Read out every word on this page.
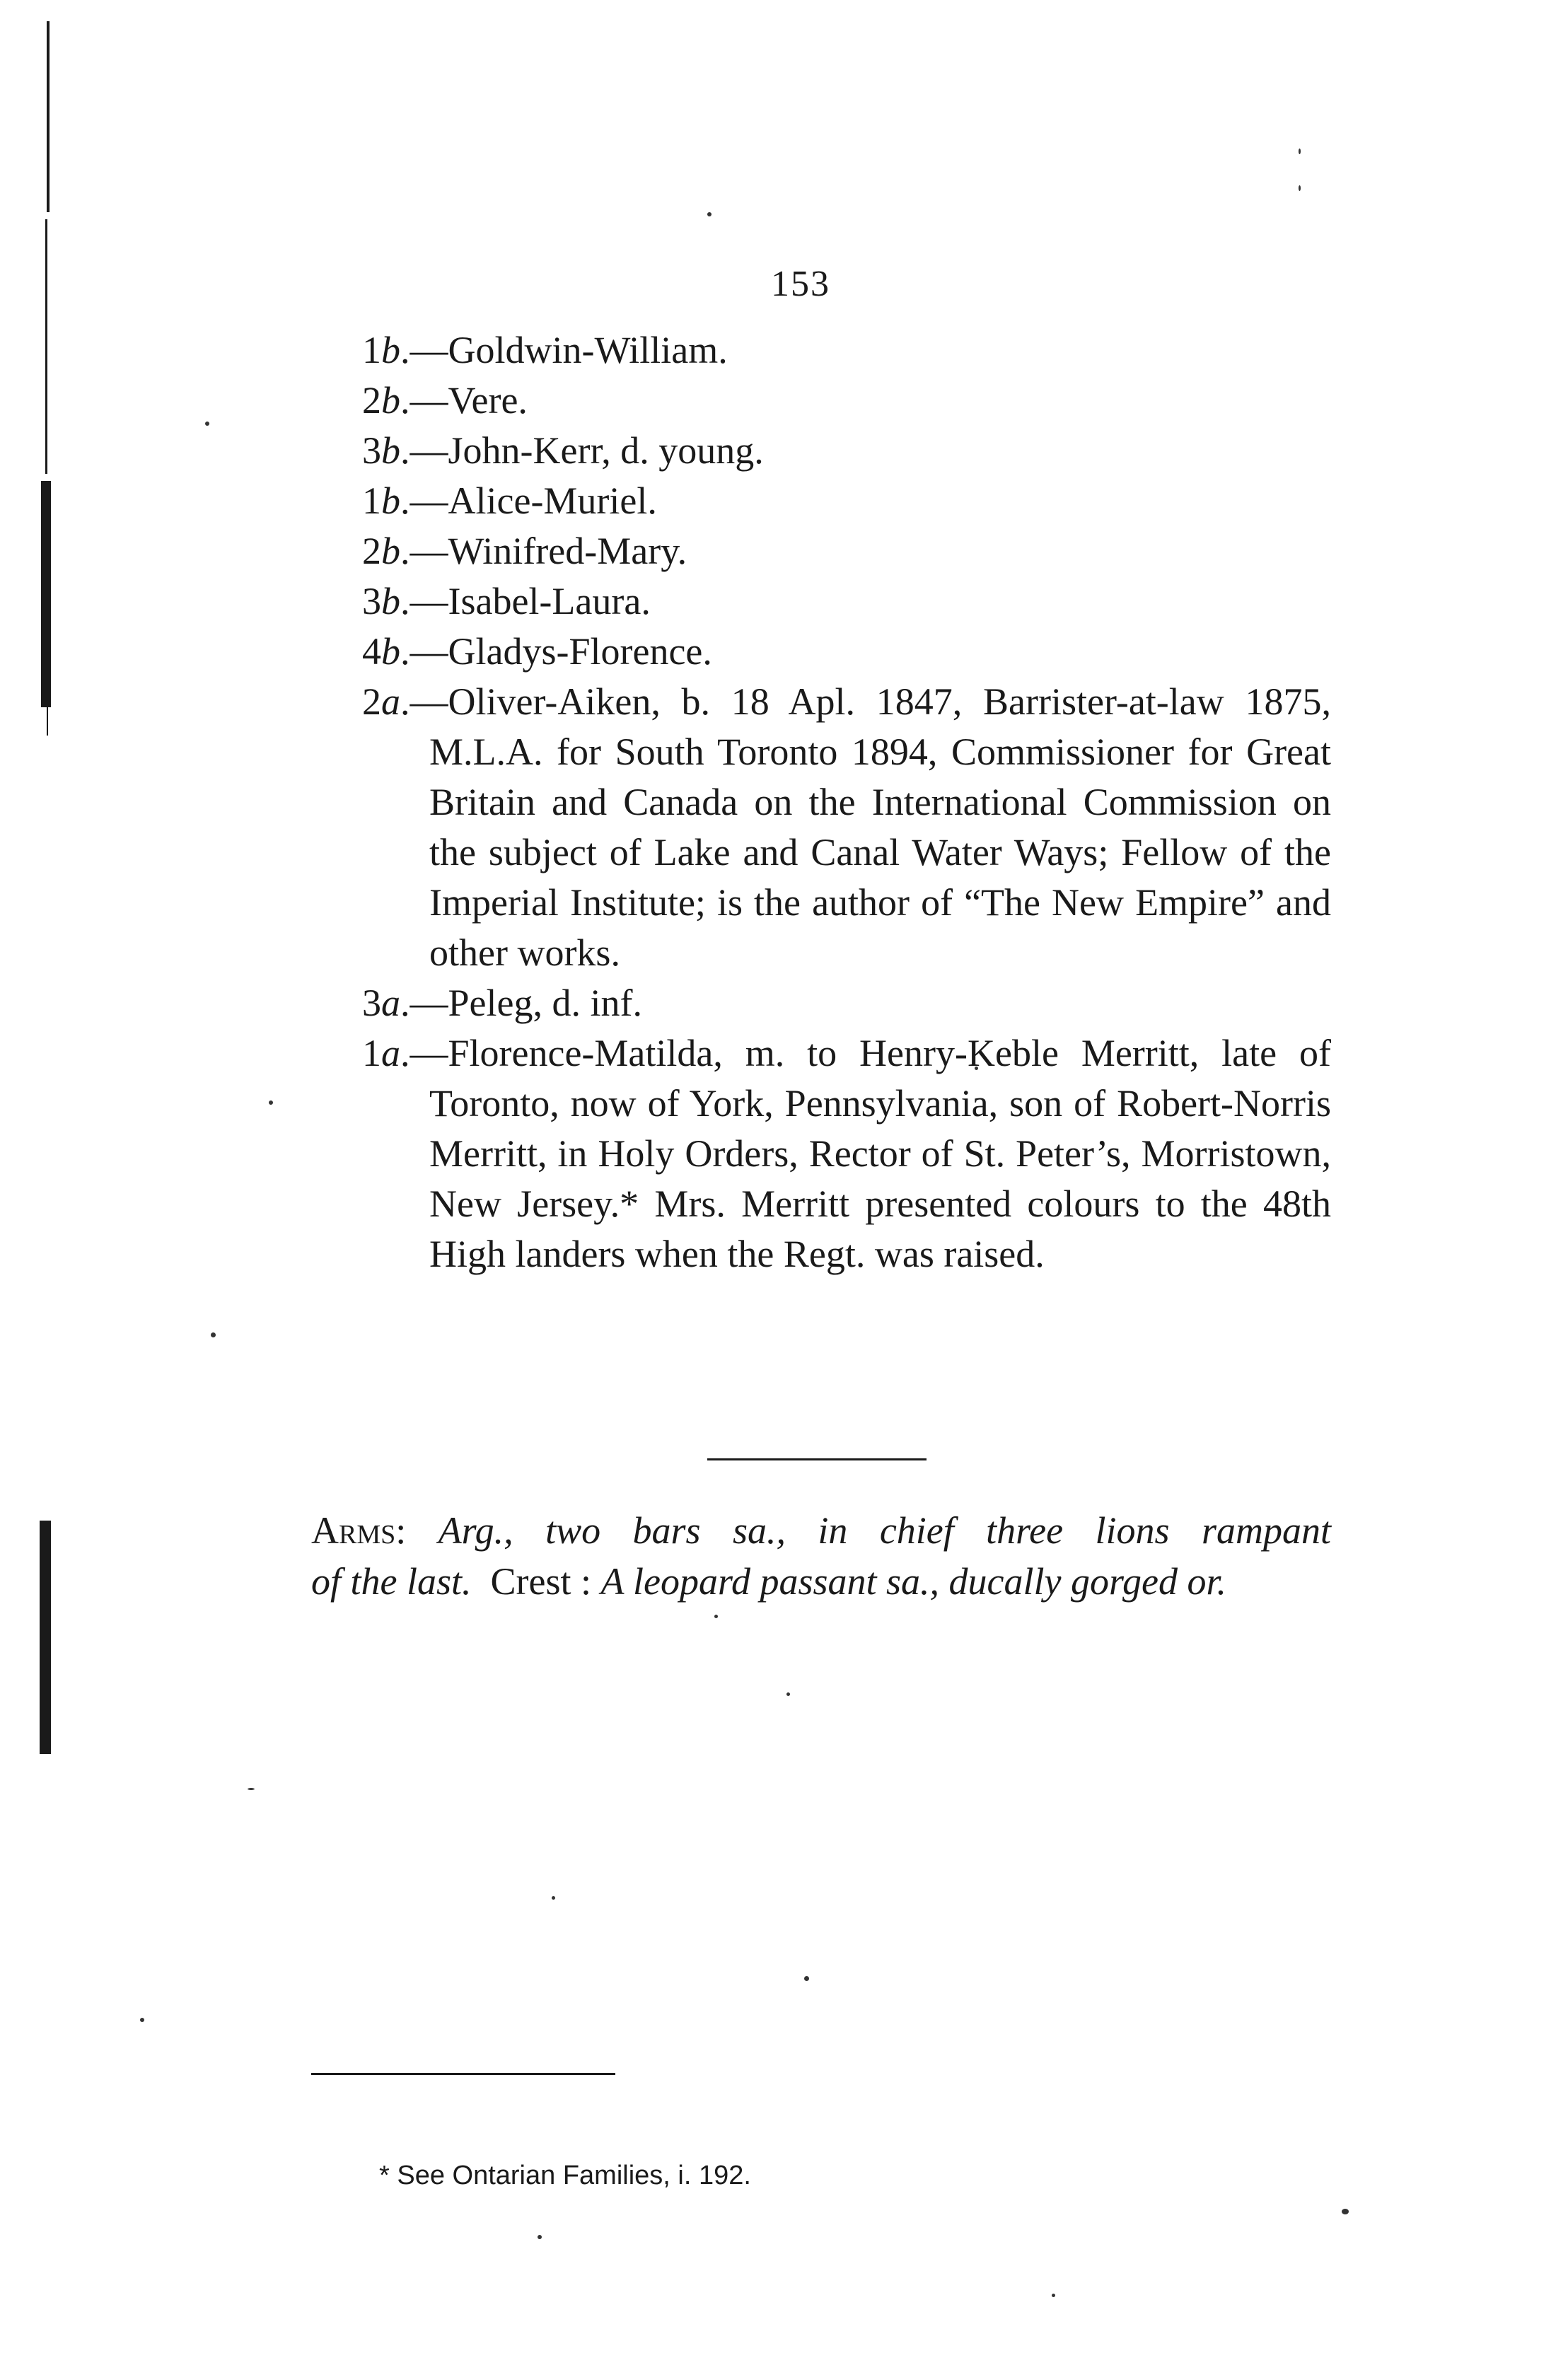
153
1b.—Goldwin-William.
2b.—Vere.
3b.—John-Kerr, d. young.
1b.—Alice-Muriel.
2b.—Winifred-Mary.
3b.—Isabel-Laura.
4b.—Gladys-Florence.
2a.—Oliver-Aiken, b. 18 Apl. 1847, Barrister-at-law 1875, M.L.A. for South Toronto 1894, Commissioner for Great Britain and Canada on the International Commission on the subject of Lake and Canal Water Ways; Fellow of the Imperial Institute; is the author of “The New Empire” and other works.
3a.—Peleg, d. inf.
1a.—Florence-Matilda, m. to Henry-Keble Merritt, late of Toronto, now of York, Pennsylvania, son of Robert-Norris Merritt, in Holy Orders, Rector of St. Peter’s, Morristown, New Jersey.* Mrs. Merritt presented colours to the 48th High landers when the Regt. was raised.
Arms: Arg., two bars sa., in chief three lions rampant
of the last. Crest : A leopard passant sa., ducally gorged or.
* See Ontarian Families, i. 192.
